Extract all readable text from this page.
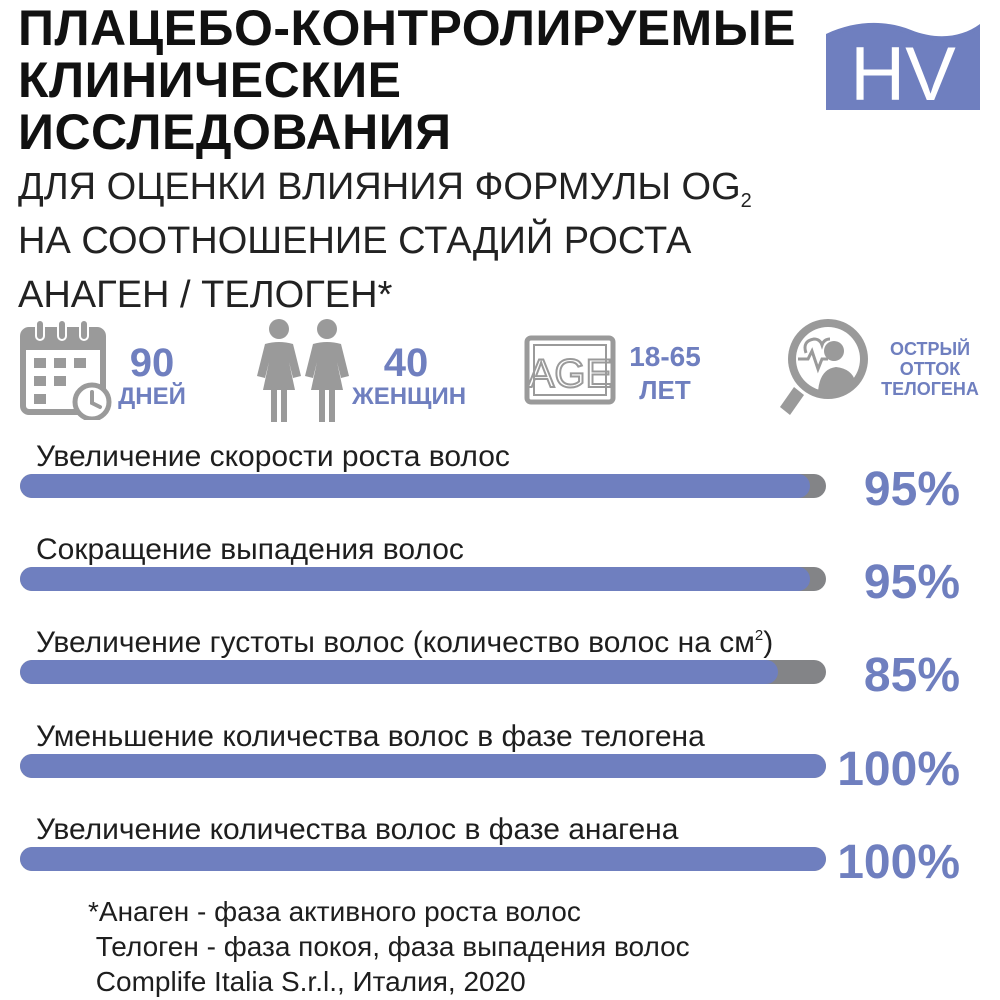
ПЛАЦЕБО-КОНТРОЛИРУЕМЫЕ
КЛИНИЧЕСКИЕ
ИССЛЕДОВАНИЯ
ДЛЯ ОЦЕНКИ ВЛИЯНИЯ ФОРМУЛЫ $OG_2$
НА СООТНОШЕНИЕ СТАДИЙ РОСТА
АНАГЕН / ТЕЛОГЕН*
HV
90
ДНЕЙ
40
ЖЕНЩИН
AGE 18-65
ЛЕТ
ОСТРЫЙ
ОТТОК
ТЕЛОГЕНА
Увеличение скорости роста волос
95%
Сокращение выпадения волос
95%
Увеличение густоты волос (количество волос на $см^2$)
85%
Уменьшение количества волос в фазе телогена
100%
Увеличение количества волос в фазе анагена
100%
*Анаген - фаза активного роста волос
Телоген - фаза покоя, фаза выпадения волос
Complife Italia S.r.l., Италия, 2020
